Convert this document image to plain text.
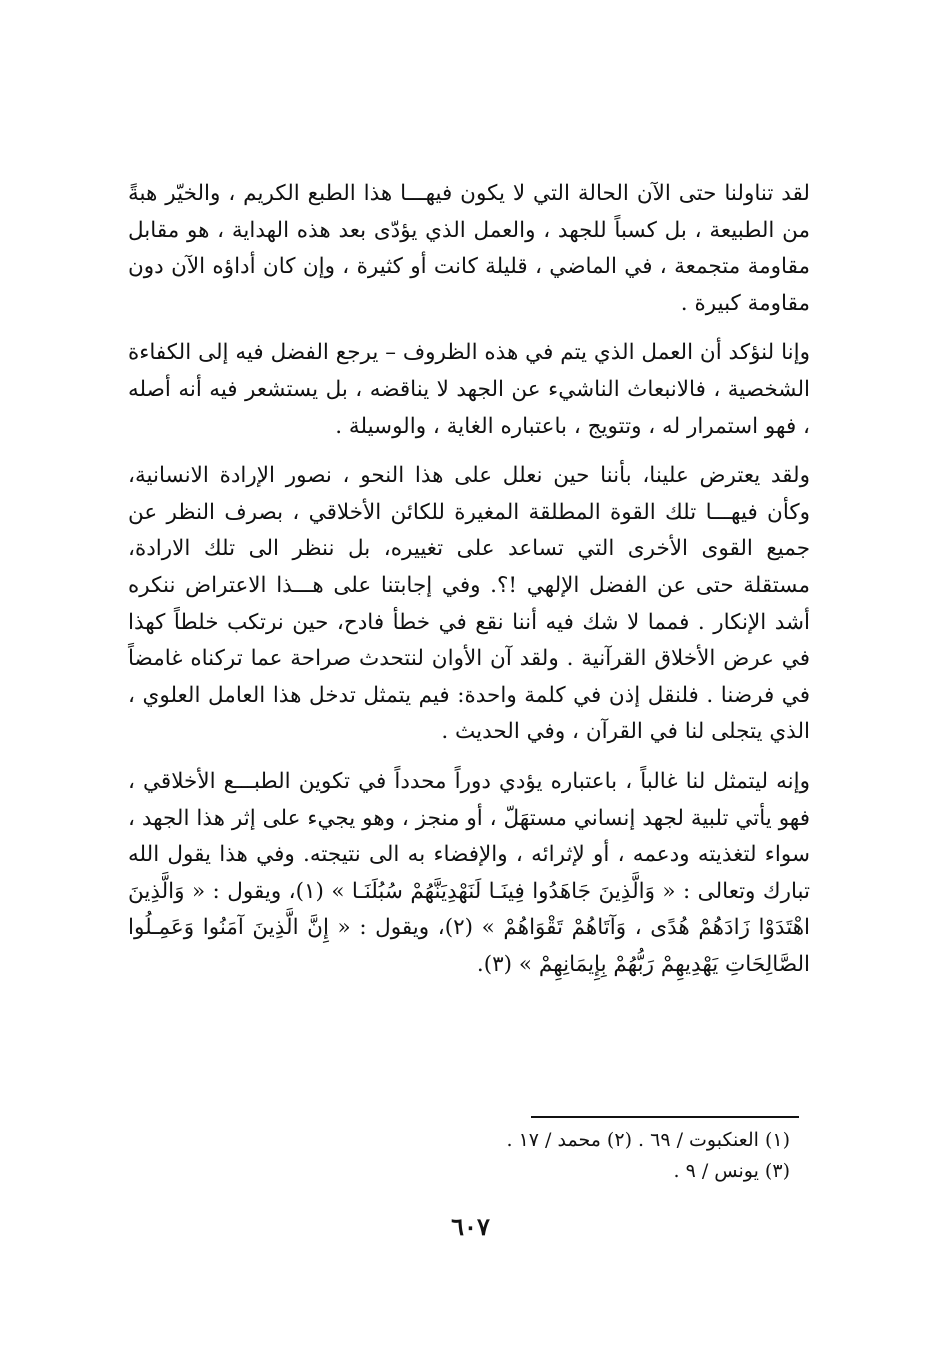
لقد تناولنا حتى الآن الحالة التي لا يكون فيهـــا هذا الطبع الكريم ، والخيّر هبةً من الطبيعة ، بل كسباً للجهد ، والعمل الذي يؤدّى بعد هذه الهداية ، هو مقابل مقاومة متجمعة ، في الماضي ، قليلة كانت أو كثيرة ، وإن كان أداؤه الآن دون مقاومة كبيرة .

وإنا لنؤكد أن العمل الذي يتم في هذه الظروف – يرجع الفضل فيه إلى الكفاءة الشخصية ، فالانبعاث الناشيء عن الجهد لا يناقضه ، بل يستشعر فيه أنه أصله ، فهو استمرار له ، وتتويج ، باعتباره الغاية ، والوسيلة .

ولقد يعترض علينا، بأننا حين نعلل على هذا النحو ، نصور الإرادة الانسانية، وكأن فيهـــا تلك القوة المطلقة المغيرة للكائن الأخلاقي ، بصرف النظر عن جميع القوى الأخرى التي تساعد على تغييره، بل ننظر الى تلك الارادة، مستقلة حتى عن الفضل الإلهي !؟. وفي إجابتنا على هـــذا الاعتراض ننكره أشد الإنكار . فمما لا شك فيه أننا نقع في خطأ فادح، حين نرتكب خلطاً كهذا في عرض الأخلاق القرآنية . ولقد آن الأوان لنتحدث صراحة عما تركناه غامضاً في فرضنا . فلنقل إذن في كلمة واحدة: فيم يتمثل تدخل هذا العامل العلوي ، الذي يتجلى لنا في القرآن ، وفي الحديث .

وإنه ليتمثل لنا غالباً ، باعتباره يؤدي دوراً محدداً في تكوين الطبـــع الأخلاقي ، فهو يأتي تلبية لجهد إنساني مستهَلّ ، أو منجز ، وهو يجيء على إثر هذا الجهد ، سواء لتغذيته ودعمه ، أو لإثرائه ، والإفضاء به الى نتيجته. وفي هذا يقول الله تبارك وتعالى : « وَالَّذِينَ جَاهَدُوا فِينَـا لَنَهْدِيَنَّهُمْ سُبُلَنَـا » (١)، ويقول : « وَالَّذِينَ اهْتَدَوْا زَادَهُمْ هُدًى ، وَآتَاهُمْ تَقْوَاهُمْ » (٢)، ويقول : « إِنَّ الَّذِينَ آمَنُوا وَعَمِـلُوا الصَّالِحَاتِ يَهْدِيهِمْ رَبُّهُمْ بِإِيمَانِهِمْ » (٣).

(١) العنكبوت / ٦٩ . (٢) محمد / ١٧ .

(٣) يونس / ٩ .

٦٠٧
